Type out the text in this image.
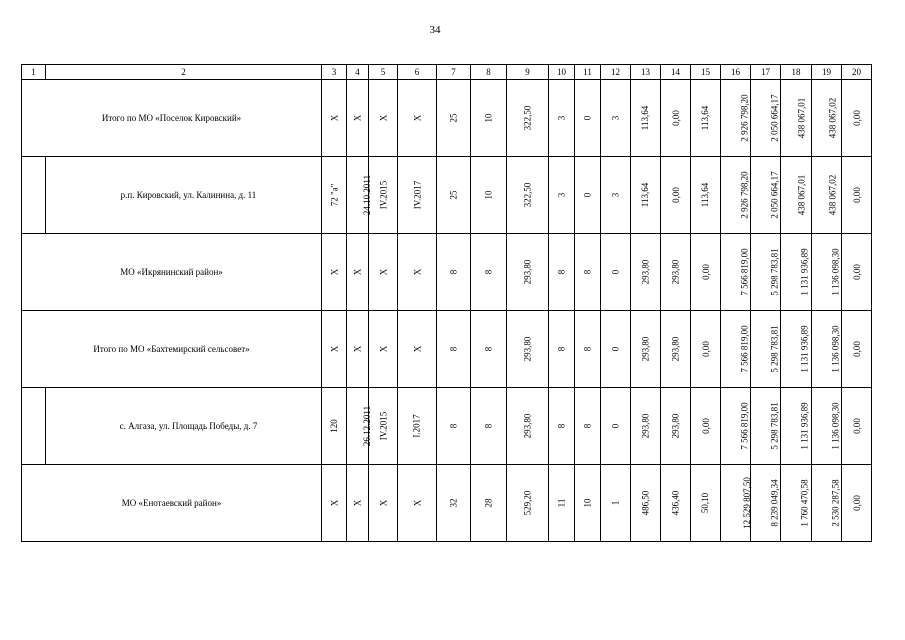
34
1	2	3	4	5	6	7	8	9	10	11	12	13	14	15	16	17	18	19	20
Итого по МО «Поселок Кировский»		X	X	X	X	25	10	322,50	3	0	3	113,64	0,00	113,64	2 926 798,20	2 050 664,17	438 067,01	438 067,02	0,00
	р.п. Кировский, ул. Калинина, д. 11	72 "а"	24.10.2011	IV.2015	IV.2017	25	10	322,50	3	0	3	113,64	0,00	113,64	2 926 798,20	2 050 664,17	438 067,01	438 067,02	0,00
МО «Икрянинский район»		X	X	X	X	8	8	293,80	8	8	0	293,80	293,80	0,00	7 566 819,00	5 298 783,81	1 131 936,89	1 136 098,30	0,00
Итого по МО «Бахтемирский сельсовет»		X	X	X	X	8	8	293,80	8	8	0	293,80	293,80	0,00	7 566 819,00	5 298 783,81	1 131 936,89	1 136 098,30	0,00
	с. Алгаза, ул. Площадь Победы, д. 7	120	26.12.2011	IV.2015	I.2017	8	8	293,80	8	8	0	293,80	293,80	0,00	7 566 819,00	5 298 783,81	1 131 936,89	1 136 098,30	0,00
МО «Енотаевский район»		X	X	X	X	32	28	529,20	11	10	1	486,50	436,40	50,10	12 529 807,50	8 239 049,34	1 760 470,58	2 530 287,58	0,00
